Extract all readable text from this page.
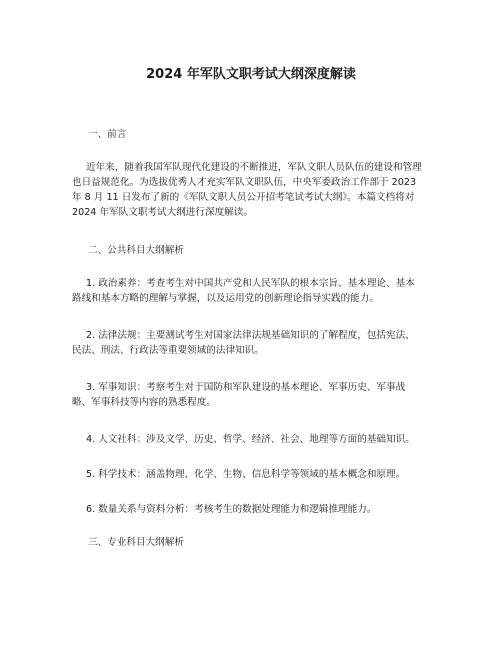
2024 年军队文职考试大纲深度解读
一、前言
近年来，随着我国军队现代化建设的不断推进，军队文职人员队伍的建设和管理
也日益规范化。为选拔优秀人才充实军队文职队伍，中央军委政治工作部于 2023
年 8 月 11 日发布了新的《军队文职人员公开招考笔试考试大纲》。本篇文档将对
2024 年军队文职考试大纲进行深度解读。
二、公共科目大纲解析
1. 政治素养：考查考生对中国共产党和人民军队的根本宗旨、基本理论、基本
路线和基本方略的理解与掌握，以及运用党的创新理论指导实践的能力。
2. 法律法规：主要测试考生对国家法律法规基础知识的了解程度，包括宪法、
民法、刑法、行政法等重要领域的法律知识。
3. 军事知识：考察考生对于国防和军队建设的基本理论、军事历史、军事战
略、军事科技等内容的熟悉程度。
4. 人文社科：涉及文学、历史、哲学、经济、社会、地理等方面的基础知识。
5. 科学技术：涵盖物理、化学、生物、信息科学等领域的基本概念和原理。
6. 数量关系与资料分析：考核考生的数据处理能力和逻辑推理能力。
三、专业科目大纲解析
